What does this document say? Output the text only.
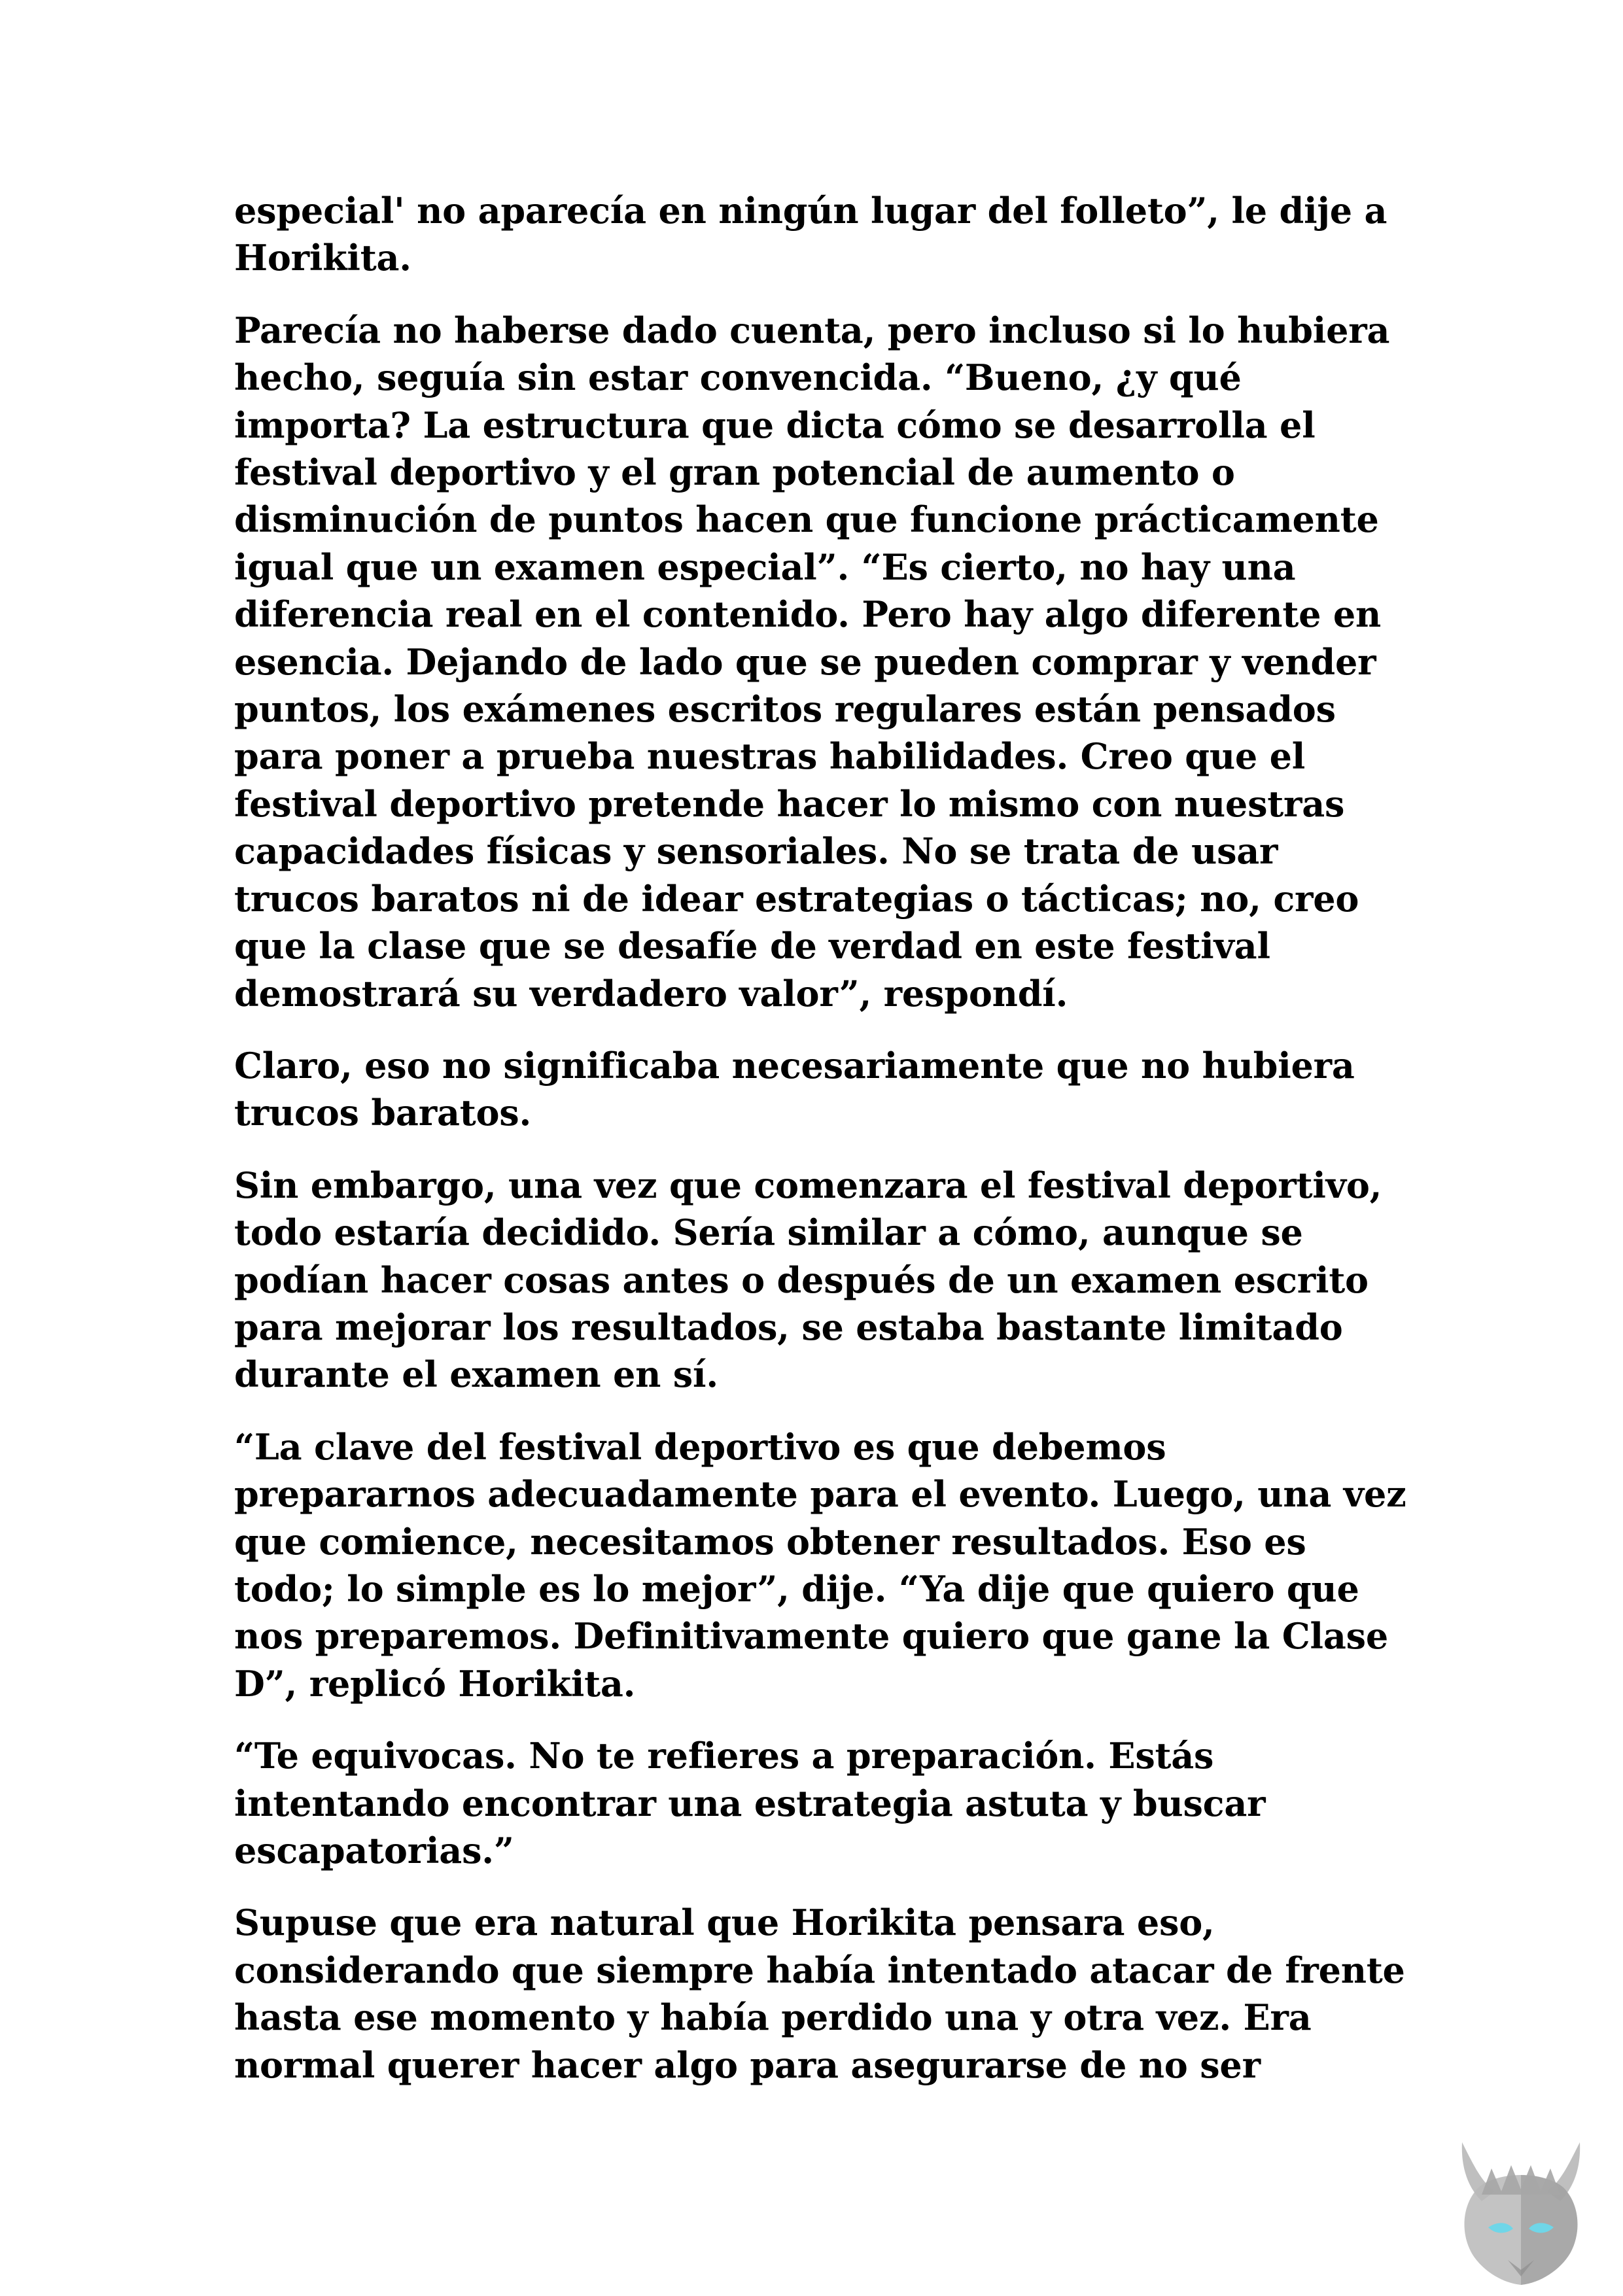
especial' no aparecía en ningún lugar del folleto”, le dije a Horikita.

Parecía no haberse dado cuenta, pero incluso si lo hubiera hecho, seguía sin estar convencida. “Bueno, ¿y qué importa? La estructura que dicta cómo se desarrolla el festival deportivo y el gran potencial de aumento o disminución de puntos hacen que funcione prácticamente igual que un examen especial”. “Es cierto, no hay una diferencia real en el contenido. Pero hay algo diferente en esencia. Dejando de lado que se pueden comprar y vender puntos, los exámenes escritos regulares están pensados para poner a prueba nuestras habilidades. Creo que el festival deportivo pretende hacer lo mismo con nuestras capacidades físicas y sensoriales. No se trata de usar trucos baratos ni de idear estrategias o tácticas; no, creo que la clase que se desafíe de verdad en este festival demostrará su verdadero valor”, respondí.

Claro, eso no significaba necesariamente que no hubiera trucos baratos.

Sin embargo, una vez que comenzara el festival deportivo, todo estaría decidido. Sería similar a cómo, aunque se podían hacer cosas antes o después de un examen escrito para mejorar los resultados, se estaba bastante limitado durante el examen en sí.

“La clave del festival deportivo es que debemos prepararnos adecuadamente para el evento. Luego, una vez que comience, necesitamos obtener resultados. Eso es todo; lo simple es lo mejor”, dije. “Ya dije que quiero que nos preparemos. Definitivamente quiero que gane la Clase D”, replicó Horikita.

“Te equivocas. No te refieres a preparación. Estás intentando encontrar una estrategia astuta y buscar escapatorias.”

Supuse que era natural que Horikita pensara eso, considerando que siempre había intentado atacar de frente hasta ese momento y había perdido una y otra vez. Era normal querer hacer algo para asegurarse de no ser
